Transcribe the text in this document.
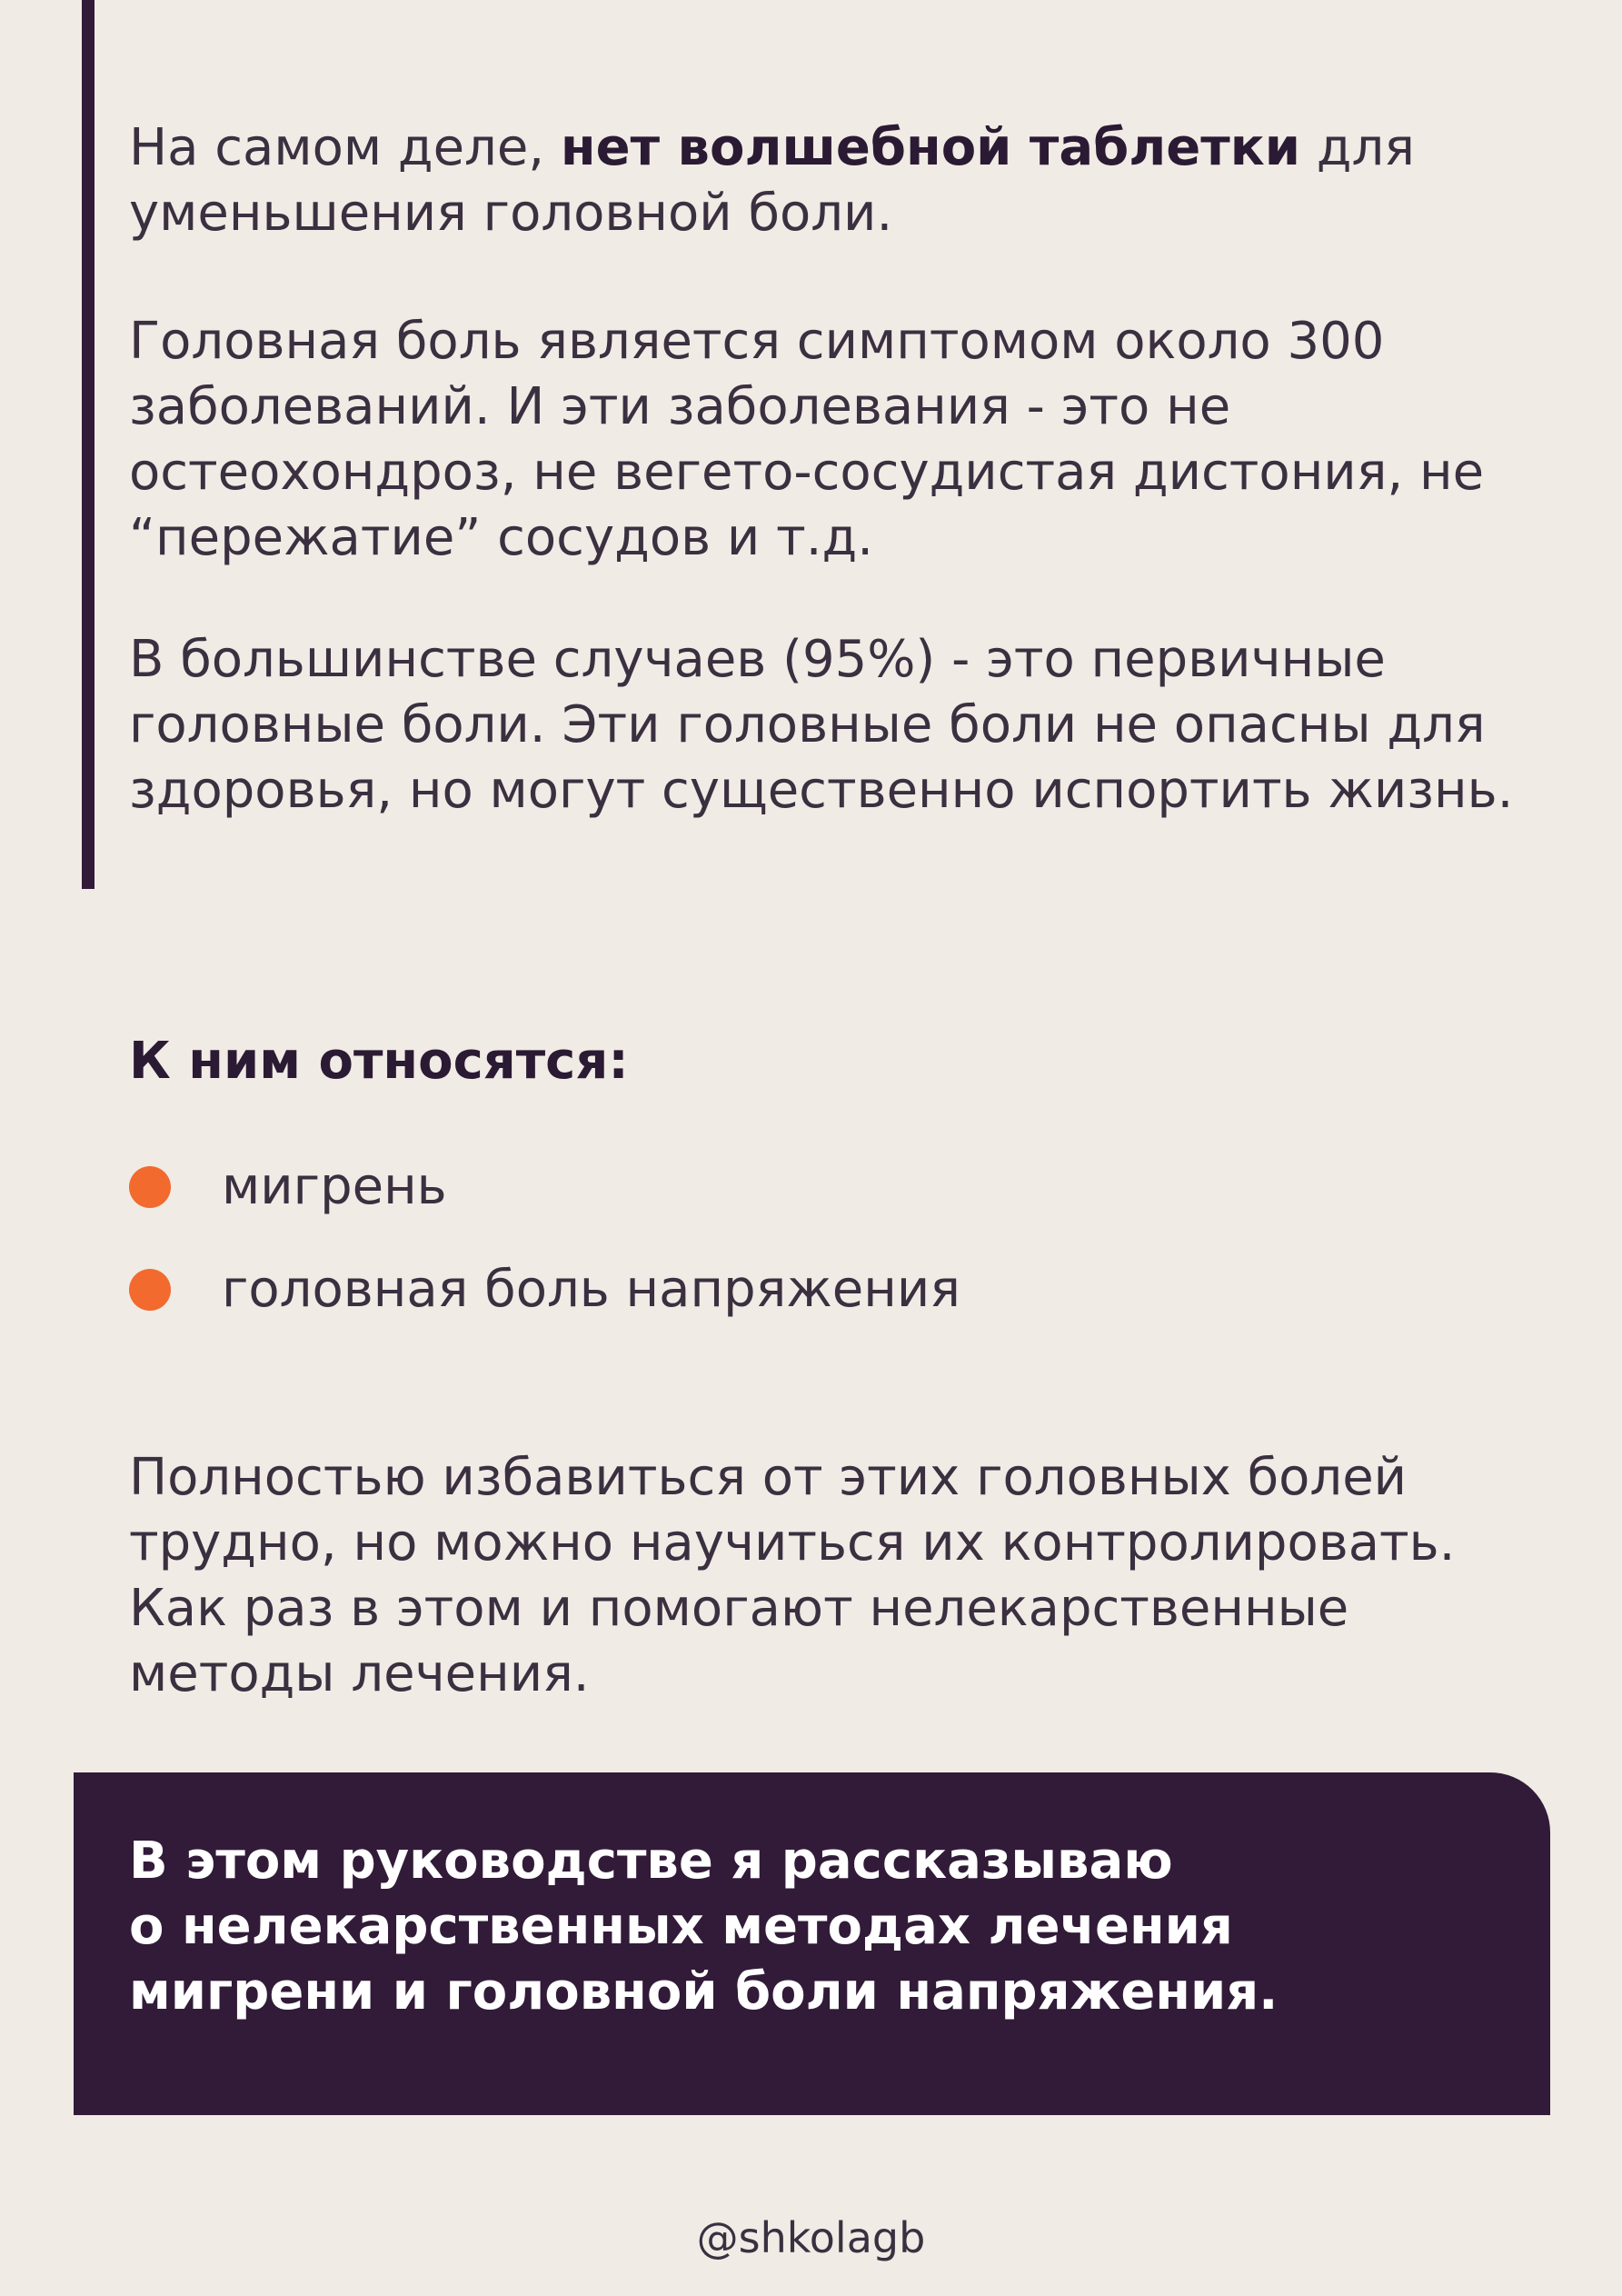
На самом деле, нет волшебной таблетки для уменьшения головной боли.

Головная боль является симптомом около 300 заболеваний. И эти заболевания - это не остеохондроз, не вегето-сосудистая дистония, не “пережатие” сосудов и т.д.

В большинстве случаев (95%) - это первичные головные боли. Эти головные боли не опасны для здоровья, но могут существенно испортить жизнь.

К ним относятся:
мигрень
головная боль напряжения

Полностью избавиться от этих головных болей трудно, но можно научиться их контролировать. Как раз в этом и помогают нелекарственные методы лечения.

В этом руководстве я рассказываю
о нелекарственных методах лечения
мигрени и головной боли напряжения.

@shkolagb
